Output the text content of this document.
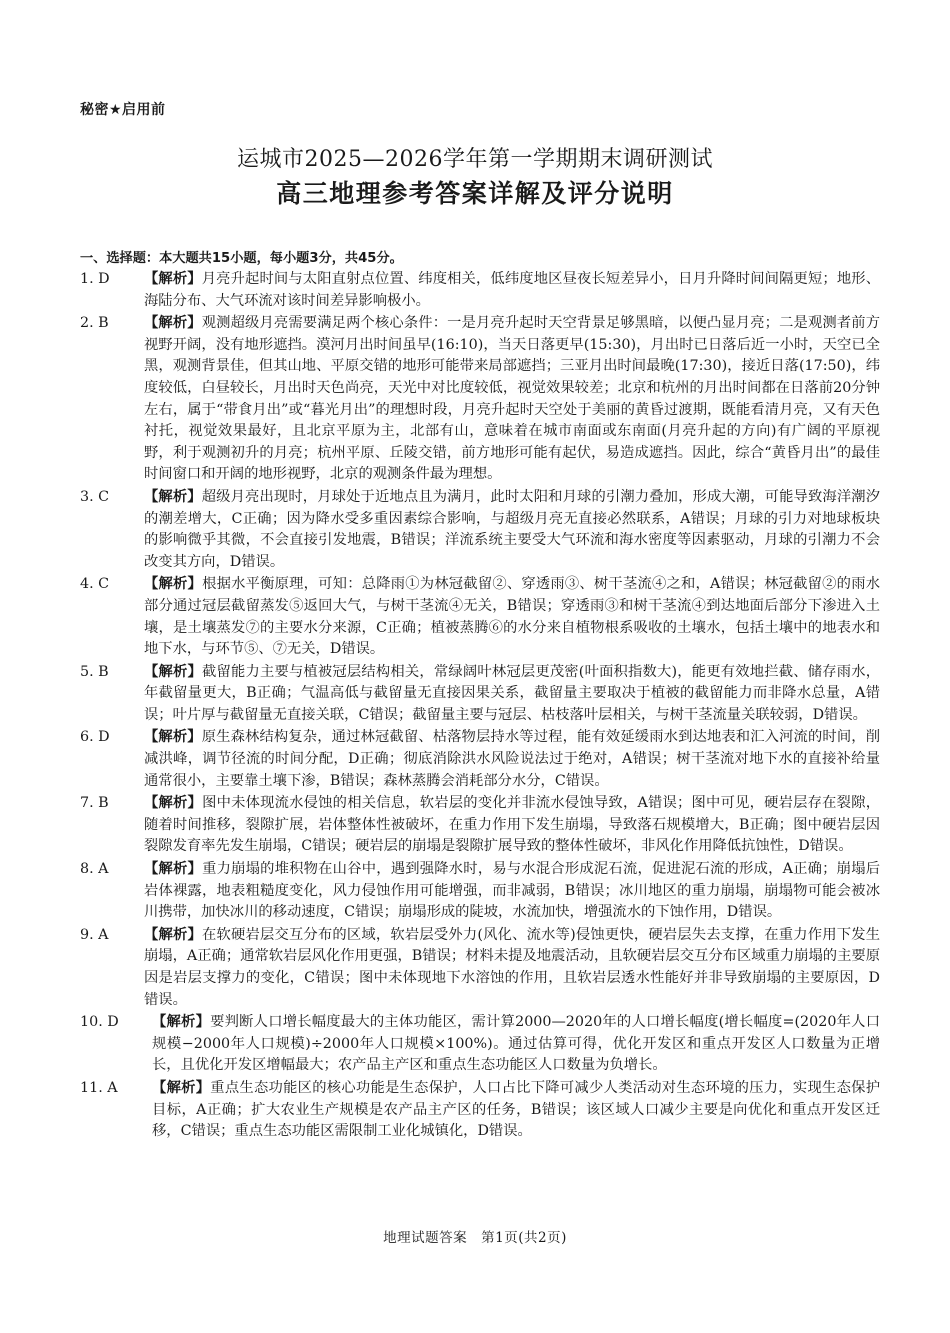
秘密★启用前
运城市2025—2026学年第一学期期末调研测试
高三地理参考答案详解及评分说明
一、选择题：本大题共15小题，每小题3分，共45分。
1. D	【解析】月亮升起时间与太阳直射点位置、纬度相关，低纬度地区昼夜长短差异小，日月升降时间间隔更短；地形、海陆分布、大气环流对该时间差异影响极小。
2. B	【解析】观测超级月亮需要满足两个核心条件：一是月亮升起时天空背景足够黑暗，以便凸显月亮；二是观测者前方视野开阔，没有地形遮挡。漠河月出时间虽早(16:10)，当天日落更早(15:30)，月出时已日落后近一小时，天空已全黑，观测背景佳，但其山地、平原交错的地形可能带来局部遮挡；三亚月出时间最晚(17:30)，接近日落(17:50)，纬度较低，白昼较长，月出时天色尚亮，天光中对比度较低，视觉效果较差；北京和杭州的月出时间都在日落前20分钟左右，属于“带食月出”或“暮光月出”的理想时段，月亮升起时天空处于美丽的黄昏过渡期，既能看清月亮，又有天色衬托，视觉效果最好，且北京平原为主，北部有山，意味着在城市南面或东南面(月亮升起的方向)有广阔的平原视野，利于观测初升的月亮；杭州平原、丘陵交错，前方地形可能有起伏，易造成遮挡。因此，综合“黄昏月出”的最佳时间窗口和开阔的地形视野，北京的观测条件最为理想。
3. C	【解析】超级月亮出现时，月球处于近地点且为满月，此时太阳和月球的引潮力叠加，形成大潮，可能导致海洋潮汐的潮差增大，C正确；因为降水受多重因素综合影响，与超级月亮无直接必然联系，A错误；月球的引力对地球板块的影响微乎其微，不会直接引发地震，B错误；洋流系统主要受大气环流和海水密度等因素驱动，月球的引潮力不会改变其方向，D错误。
4. C	【解析】根据水平衡原理，可知：总降雨①为林冠截留②、穿透雨③、树干茎流④之和，A错误；林冠截留②的雨水部分通过冠层截留蒸发⑤返回大气，与树干茎流④无关，B错误；穿透雨③和树干茎流④到达地面后部分下渗进入土壤，是土壤蒸发⑦的主要水分来源，C正确；植被蒸腾⑥的水分来自植物根系吸收的土壤水，包括土壤中的地表水和地下水，与环节⑤、⑦无关，D错误。
5. B	【解析】截留能力主要与植被冠层结构相关，常绿阔叶林冠层更茂密(叶面积指数大)，能更有效地拦截、储存雨水，年截留量更大，B正确；气温高低与截留量无直接因果关系，截留量主要取决于植被的截留能力而非降水总量，A错误；叶片厚与截留量无直接关联，C错误；截留量主要与冠层、枯枝落叶层相关，与树干茎流量关联较弱，D错误。
6. D	【解析】原生森林结构复杂，通过林冠截留、枯落物层持水等过程，能有效延缓雨水到达地表和汇入河流的时间，削减洪峰，调节径流的时间分配，D正确；彻底消除洪水风险说法过于绝对，A错误；树干茎流对地下水的直接补给量通常很小，主要靠土壤下渗，B错误；森林蒸腾会消耗部分水分，C错误。
7. B	【解析】图中未体现流水侵蚀的相关信息，软岩层的变化并非流水侵蚀导致，A错误；图中可见，硬岩层存在裂隙，随着时间推移，裂隙扩展，岩体整体性被破坏，在重力作用下发生崩塌，导致落石规模增大，B正确；图中硬岩层因裂隙发育率先发生崩塌，C错误；硬岩层的崩塌是裂隙扩展导致的整体性破坏，非风化作用降低抗蚀性，D错误。
8. A	【解析】重力崩塌的堆积物在山谷中，遇到强降水时，易与水混合形成泥石流，促进泥石流的形成，A正确；崩塌后岩体裸露，地表粗糙度变化，风力侵蚀作用可能增强，而非减弱，B错误；冰川地区的重力崩塌，崩塌物可能会被冰川携带，加快冰川的移动速度，C错误；崩塌形成的陡坡，水流加快，增强流水的下蚀作用，D错误。
9. A	【解析】在软硬岩层交互分布的区域，软岩层受外力(风化、流水等)侵蚀更快，硬岩层失去支撑，在重力作用下发生崩塌，A正确；通常软岩层风化作用更强，B错误；材料未提及地震活动，且软硬岩层交互分布区域重力崩塌的主要原因是岩层支撑力的变化，C错误；图中未体现地下水溶蚀的作用，且软岩层透水性能好并非导致崩塌的主要原因，D错误。
10. D	【解析】要判断人口增长幅度最大的主体功能区，需计算2000—2020年的人口增长幅度(增长幅度=(2020年人口规模−2000年人口规模)÷2000年人口规模×100%)。通过估算可得，优化开发区和重点开发区人口数量为正增长，且优化开发区增幅最大；农产品主产区和重点生态功能区人口数量为负增长。
11. A	【解析】重点生态功能区的核心功能是生态保护，人口占比下降可减少人类活动对生态环境的压力，实现生态保护目标，A正确；扩大农业生产规模是农产品主产区的任务，B错误；该区域人口减少主要是向优化和重点开发区迁移，C错误；重点生态功能区需限制工业化城镇化，D错误。
地理试题答案　第1页(共2页)
